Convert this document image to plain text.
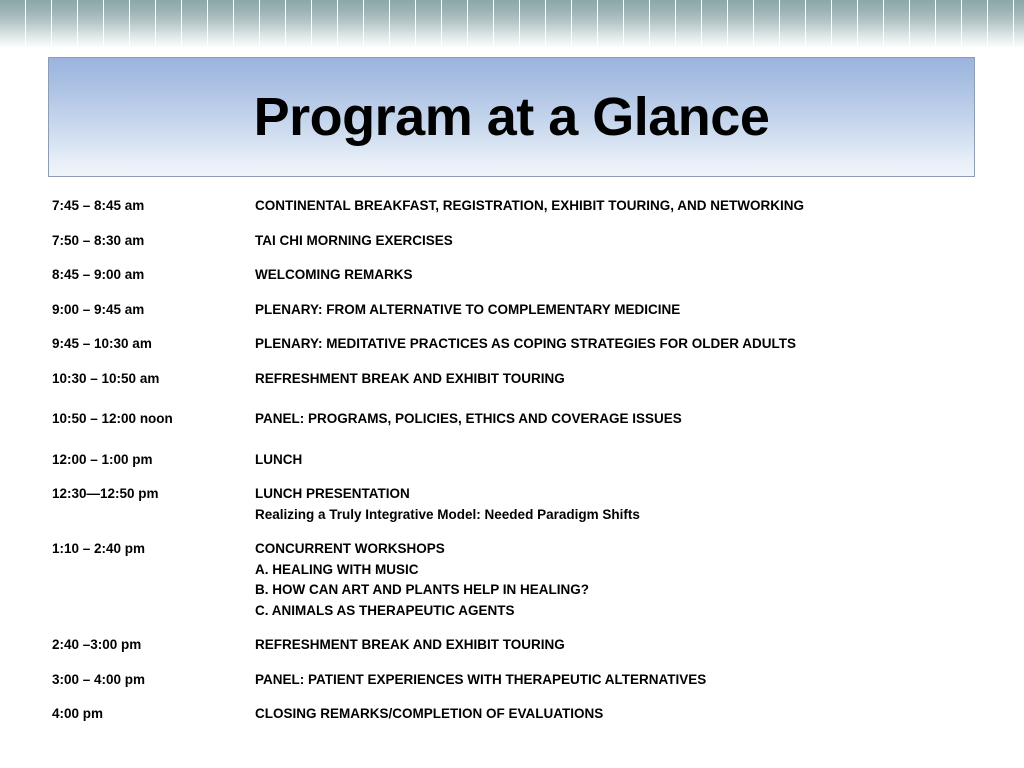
Program at a Glance
7:45 – 8:45 am	CONTINENTAL BREAKFAST, REGISTRATION, EXHIBIT TOURING, AND NETWORKING
7:50 – 8:30 am	TAI CHI MORNING EXERCISES
8:45 – 9:00 am	WELCOMING REMARKS
9:00 – 9:45 am	PLENARY: FROM ALTERNATIVE TO COMPLEMENTARY MEDICINE
9:45 – 10:30 am	PLENARY: MEDITATIVE PRACTICES AS COPING STRATEGIES FOR OLDER ADULTS
10:30 – 10:50 am	REFRESHMENT BREAK AND EXHIBIT TOURING
10:50 – 12:00 noon	PANEL: PROGRAMS, POLICIES, ETHICS AND COVERAGE ISSUES
12:00 – 1:00 pm	LUNCH
12:30—12:50 pm	LUNCH PRESENTATION
Realizing a Truly Integrative Model: Needed Paradigm Shifts
1:10 – 2:40 pm	CONCURRENT WORKSHOPS
A. HEALING WITH MUSIC
B. HOW CAN ART AND PLANTS HELP IN HEALING?
C. ANIMALS AS THERAPEUTIC AGENTS
2:40 –3:00 pm	REFRESHMENT BREAK AND EXHIBIT TOURING
3:00 – 4:00 pm	PANEL: PATIENT EXPERIENCES WITH THERAPEUTIC ALTERNATIVES
4:00 pm	CLOSING REMARKS/COMPLETION OF EVALUATIONS
